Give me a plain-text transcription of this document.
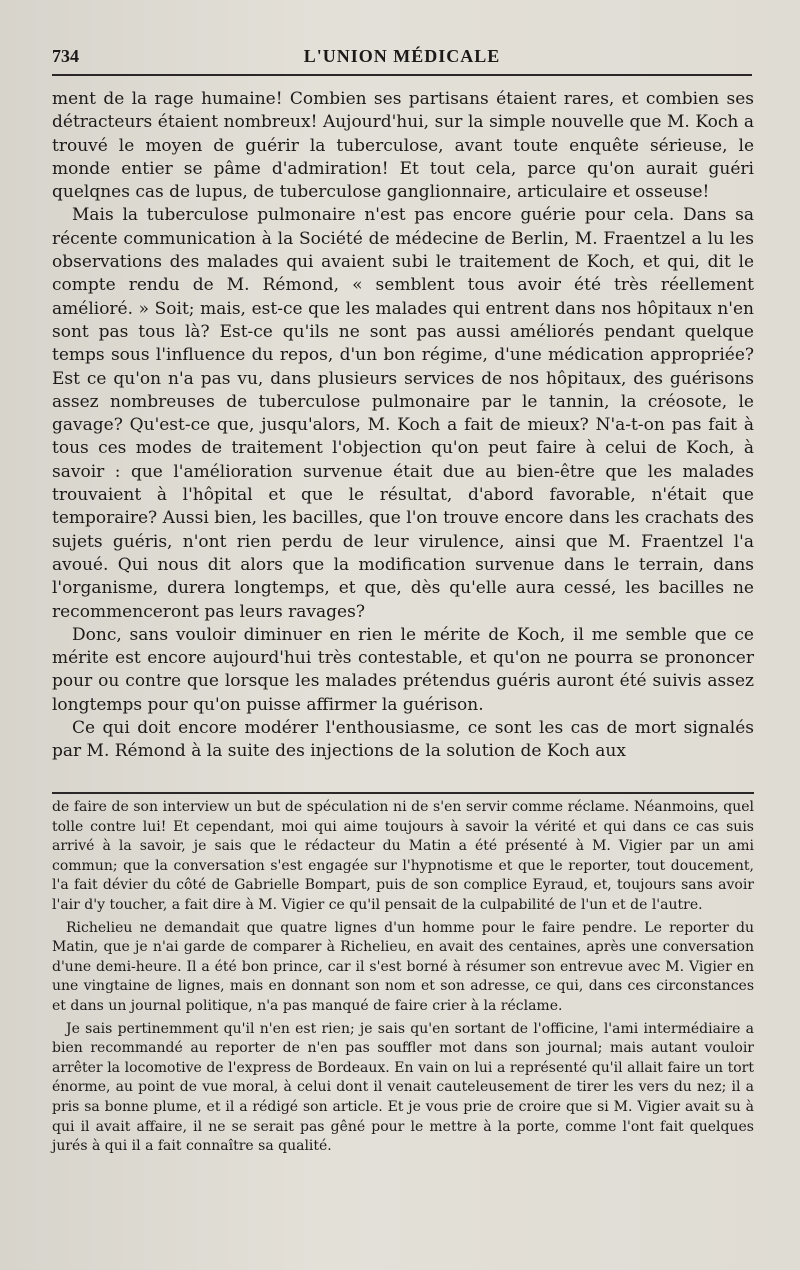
734	L'UNION MÉDICALE

ment de la rage humaine! Combien ses partisans étaient rares, et combien ses détracteurs étaient nombreux! Aujourd'hui, sur la simple nouvelle que M. Koch a trouvé le moyen de guérir la tuberculose, avant toute enquête sérieuse, le monde entier se pâme d'admiration! Et tout cela, parce qu'on aurait guéri quelqnes cas de lupus, de tuberculose ganglionnaire, articulaire et osseuse!

Mais la tuberculose pulmonaire n'est pas encore guérie pour cela. Dans sa récente communication à la Société de médecine de Berlin, M. Fraentzel a lu les observations des malades qui avaient subi le traitement de Koch, et qui, dit le compte rendu de M. Rémond, « semblent tous avoir été très réellement amélioré. » Soit; mais, est-ce que les malades qui entrent dans nos hôpitaux n'en sont pas tous là? Est-ce qu'ils ne sont pas aussi améliorés pendant quelque temps sous l'influence du repos, d'un bon régime, d'une médication appropriée? Est ce qu'on n'a pas vu, dans plusieurs services de nos hôpitaux, des guérisons assez nombreuses de tuberculose pulmonaire par le tannin, la créosote, le gavage? Qu'est-ce que, jusqu'alors, M. Koch a fait de mieux? N'a-t-on pas fait à tous ces modes de traitement l'objection qu'on peut faire à celui de Koch, à savoir : que l'amélioration survenue était due au bien-être que les malades trouvaient à l'hôpital et que le résultat, d'abord favorable, n'était que temporaire? Aussi bien, les bacilles, que l'on trouve encore dans les crachats des sujets guéris, n'ont rien perdu de leur virulence, ainsi que M. Fraentzel l'a avoué. Qui nous dit alors que la modification survenue dans le terrain, dans l'organisme, durera longtemps, et que, dès qu'elle aura cessé, les bacilles ne recommenceront pas leurs ravages?

Donc, sans vouloir diminuer en rien le mérite de Koch, il me semble que ce mérite est encore aujourd'hui très contestable, et qu'on ne pourra se prononcer pour ou contre que lorsque les malades prétendus guéris auront été suivis assez longtemps pour qu'on puisse affirmer la guérison.

Ce qui doit encore modérer l'enthousiasme, ce sont les cas de mort signalés par M. Rémond à la suite des injections de la solution de Koch aux

de faire de son interview un but de spéculation ni de s'en servir comme réclame. Néanmoins, quel tolle contre lui! Et cependant, moi qui aime toujours à savoir la vérité et qui dans ce cas suis arrivé à la savoir, je sais que le rédacteur du Matin a été présenté à M. Vigier par un ami commun; que la conversation s'est engagée sur l'hypnotisme et que le reporter, tout doucement, l'a fait dévier du côté de Gabrielle Bompart, puis de son complice Eyraud, et, toujours sans avoir l'air d'y toucher, a fait dire à M. Vigier ce qu'il pensait de la culpabilité de l'un et de l'autre.

Richelieu ne demandait que quatre lignes d'un homme pour le faire pendre. Le reporter du Matin, que je n'ai garde de comparer à Richelieu, en avait des centaines, après une conversation d'une demi-heure. Il a été bon prince, car il s'est borné à résumer son entrevue avec M. Vigier en une vingtaine de lignes, mais en donnant son nom et son adresse, ce qui, dans ces circonstances et dans un journal politique, n'a pas manqué de faire crier à la réclame.

Je sais pertinemment qu'il n'en est rien; je sais qu'en sortant de l'officine, l'ami intermédiaire a bien recommandé au reporter de n'en pas souffler mot dans son journal; mais autant vouloir arrêter la locomotive de l'express de Bordeaux. En vain on lui a représenté qu'il allait faire un tort énorme, au point de vue moral, à celui dont il venait cauteleusement de tirer les vers du nez; il a pris sa bonne plume, et il a rédigé son article. Et je vous prie de croire que si M. Vigier avait su à qui il avait affaire, il ne se serait pas gêné pour le mettre à la porte, comme l'ont fait quelques jurés à qui il a fait connaître sa qualité.
